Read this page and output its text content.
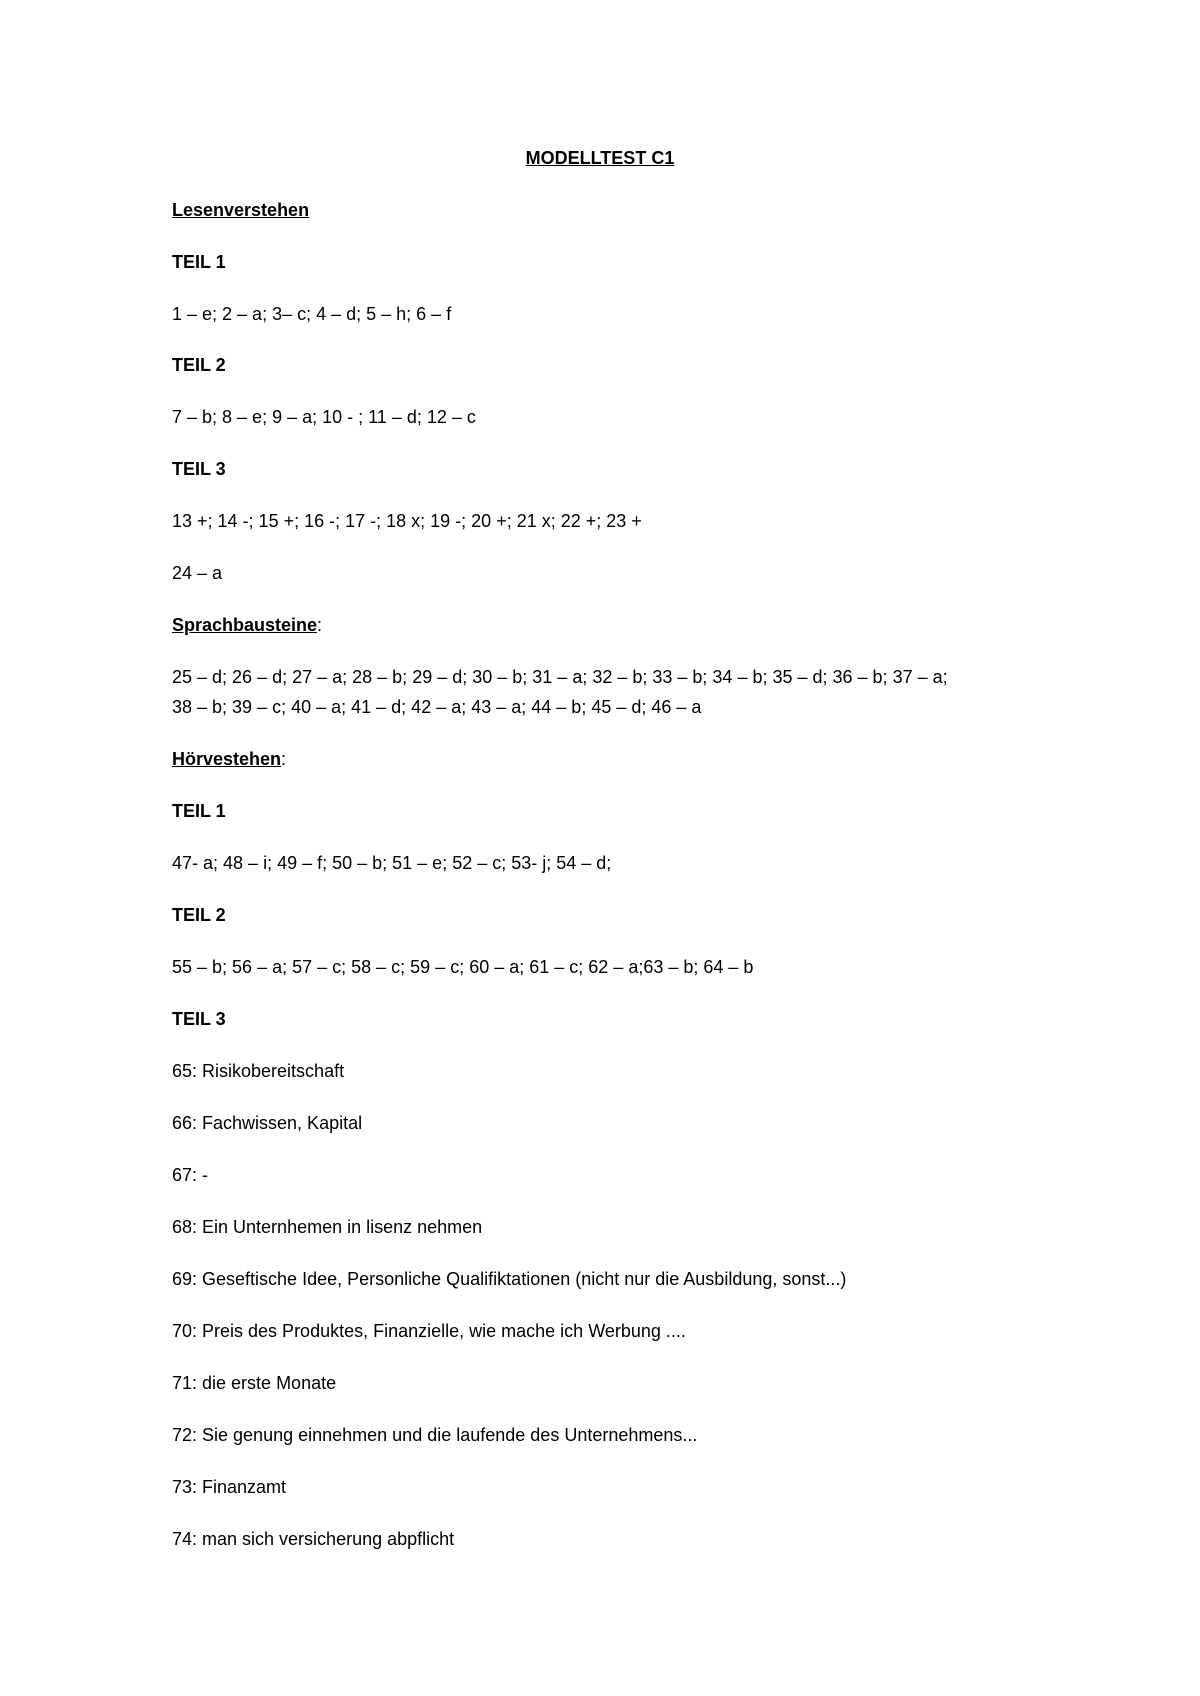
MODELLTEST C1
Lesenverstehen
TEIL 1
1 – e; 2 – a; 3– c; 4 – d; 5 – h; 6 – f
TEIL 2
7 – b; 8 – e; 9 – a; 10 - ; 11 – d; 12 – c
TEIL 3
13 +; 14 -; 15 +; 16 -; 17 -; 18 x; 19 -; 20 +; 21 x; 22 +; 23 +
24 – a
Sprachbausteine:
25 – d; 26 – d; 27 – a; 28 – b; 29 – d; 30 – b; 31 – a; 32 – b; 33 – b; 34 – b; 35 – d; 36 – b; 37 – a;
38 – b; 39 – c; 40 – a; 41 – d; 42 – a; 43 – a; 44 – b; 45 – d; 46 – a
Hörvestehen:
TEIL 1
47- a; 48 – i; 49 – f; 50 – b; 51 – e; 52 – c; 53- j; 54 – d;
TEIL 2
55 – b; 56 – a; 57 – c; 58 – c; 59 – c; 60 – a; 61 – c; 62 – a;63 – b; 64 – b
TEIL 3
65: Risikobereitschaft
66: Fachwissen, Kapital
67: -
68: Ein Unternhemen in lisenz nehmen
69: Geseftische Idee, Personliche Qualifiktationen (nicht nur die Ausbildung, sonst...)
70: Preis des Produktes, Finanzielle, wie mache ich Werbung ....
71: die erste Monate
72: Sie genung einnehmen und die laufende des Unternehmens...
73: Finanzamt
74: man sich versicherung abpflicht
